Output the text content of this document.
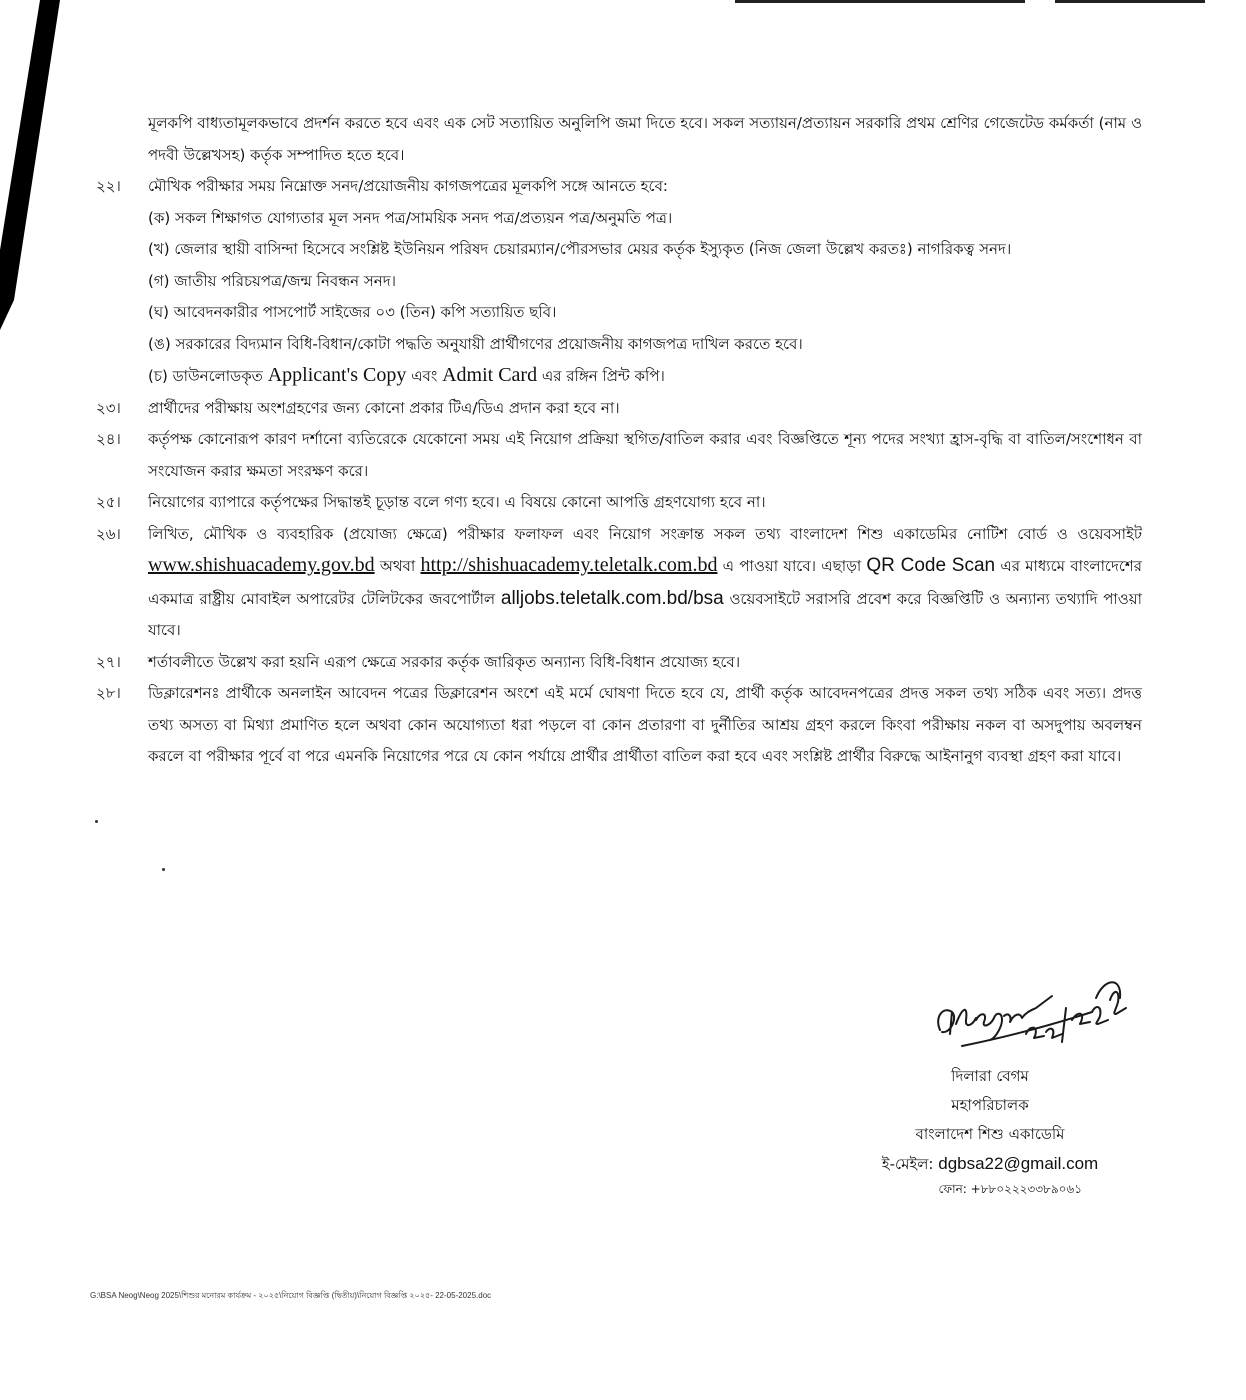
মূলকপি বাধ্যতামূলকভাবে প্রদর্শন করতে হবে এবং এক সেট সত্যায়িত অনুলিপি জমা দিতে হবে। সকল সত্যায়ন/প্রত্যায়ন সরকারি প্রথম শ্রেণির গেজেটেড কর্মকর্তা (নাম ও পদবী উল্লেখসহ) কর্তৃক সম্পাদিত হতে হবে।
২২। মৌখিক পরীক্ষার সময় নিম্নোক্ত সনদ/প্রয়োজনীয় কাগজপত্রের মূলকপি সঙ্গে আনতে হবে:
(ক) সকল শিক্ষাগত যোগ্যতার মূল সনদ পত্র/সাময়িক সনদ পত্র/প্রত্যয়ন পত্র/অনুমতি পত্র।
(খ) জেলার স্থায়ী বাসিন্দা হিসেবে সংশ্লিষ্ট ইউনিয়ন পরিষদ চেয়ারম্যান/পৌরসভার মেয়র কর্তৃক ইস্যুকৃত (নিজ জেলা উল্লেখ করতঃ) নাগরিকত্ব সনদ।
(গ) জাতীয় পরিচয়পত্র/জন্ম নিবন্ধন সনদ।
(ঘ) আবেদনকারীর পাসপোর্ট সাইজের ০৩ (তিন) কপি সত্যায়িত ছবি।
(ঙ) সরকারের বিদ্যমান বিধি-বিধান/কোটা পদ্ধতি অনুযায়ী প্রার্থীগণের প্রয়োজনীয় কাগজপত্র দাখিল করতে হবে।
(চ) ডাউনলোডকৃত Applicant's Copy এবং Admit Card এর রঙ্গিন প্রিন্ট কপি।
২৩। প্রার্থীদের পরীক্ষায় অংশগ্রহণের জন্য কোনো প্রকার টিএ/ডিএ প্রদান করা হবে না।
২৪। কর্তৃপক্ষ কোনোরূপ কারণ দর্শানো ব্যতিরেকে যেকোনো সময় এই নিয়োগ প্রক্রিয়া স্থগিত/বাতিল করার এবং বিজ্ঞপ্তিতে শূন্য পদের সংখ্যা হ্রাস-বৃদ্ধি বা বাতিল/সংশোধন বা সংযোজন করার ক্ষমতা সংরক্ষণ করে।
২৫। নিয়োগের ব্যাপারে কর্তৃপক্ষের সিদ্ধান্তই চূড়ান্ত বলে গণ্য হবে। এ বিষয়ে কোনো আপত্তি গ্রহণযোগ্য হবে না।
২৬। লিখিত, মৌখিক ও ব্যবহারিক (প্রযোজ্য ক্ষেত্রে) পরীক্ষার ফলাফল এবং নিয়োগ সংক্রান্ত সকল তথ্য বাংলাদেশ শিশু একাডেমির নোটিশ বোর্ড ও ওয়েবসাইট www.shishuacademy.gov.bd অথবা http://shishuacademy.teletalk.com.bd এ পাওয়া যাবে। এছাড়া QR Code Scan এর মাধ্যমে বাংলাদেশের একমাত্র রাষ্ট্রীয় মোবাইল অপারেটর টেলিটকের জবপোর্টাল alljobs.teletalk.com.bd/bsa ওয়েবসাইটে সরাসরি প্রবেশ করে বিজ্ঞপ্তিটি ও অন্যান্য তথ্যাদি পাওয়া যাবে।
২৭। শর্তাবলীতে উল্লেখ করা হয়নি এরূপ ক্ষেত্রে সরকার কর্তৃক জারিকৃত অন্যান্য বিধি-বিধান প্রযোজ্য হবে।
২৮। ডিক্লারেশনঃ প্রার্থীকে অনলাইন আবেদন পত্রের ডিক্লারেশন অংশে এই মর্মে ঘোষণা দিতে হবে যে, প্রার্থী কর্তৃক আবেদনপত্রের প্রদত্ত সকল তথ্য সঠিক এবং সত্য। প্রদত্ত তথ্য অসত্য বা মিথ্যা প্রমাণিত হলে অথবা কোন অযোগ্যতা ধরা পড়লে বা কোন প্রতারণা বা দুর্নীতির আশ্রয় গ্রহণ করলে কিংবা পরীক্ষায় নকল বা অসদুপায় অবলম্বন করলে বা পরীক্ষার পূর্বে বা পরে এমনকি নিয়োগের পরে যে কোন পর্যায়ে প্রার্থীর প্রার্থীতা বাতিল করা হবে এবং সংশ্লিষ্ট প্রার্থীর বিরুদ্ধে আইনানুগ ব্যবস্থা গ্রহণ করা যাবে।
দিলারা বেগম
মহাপরিচালক
বাংলাদেশ শিশু একাডেমি
ই-মেইল: dgbsa22@gmail.com
ফোন: +৮৮০২২২৩৩৮৯০৬১
G:\BSA Neog\Neog 2025\শিশুর মনোরম কার্যক্রম - ২০২৫\নিয়োগ বিজ্ঞপ্তি (দ্বিতীয়)\নিয়োগ বিজ্ঞপ্তি ২০২৫- 22-05-2025.doc
